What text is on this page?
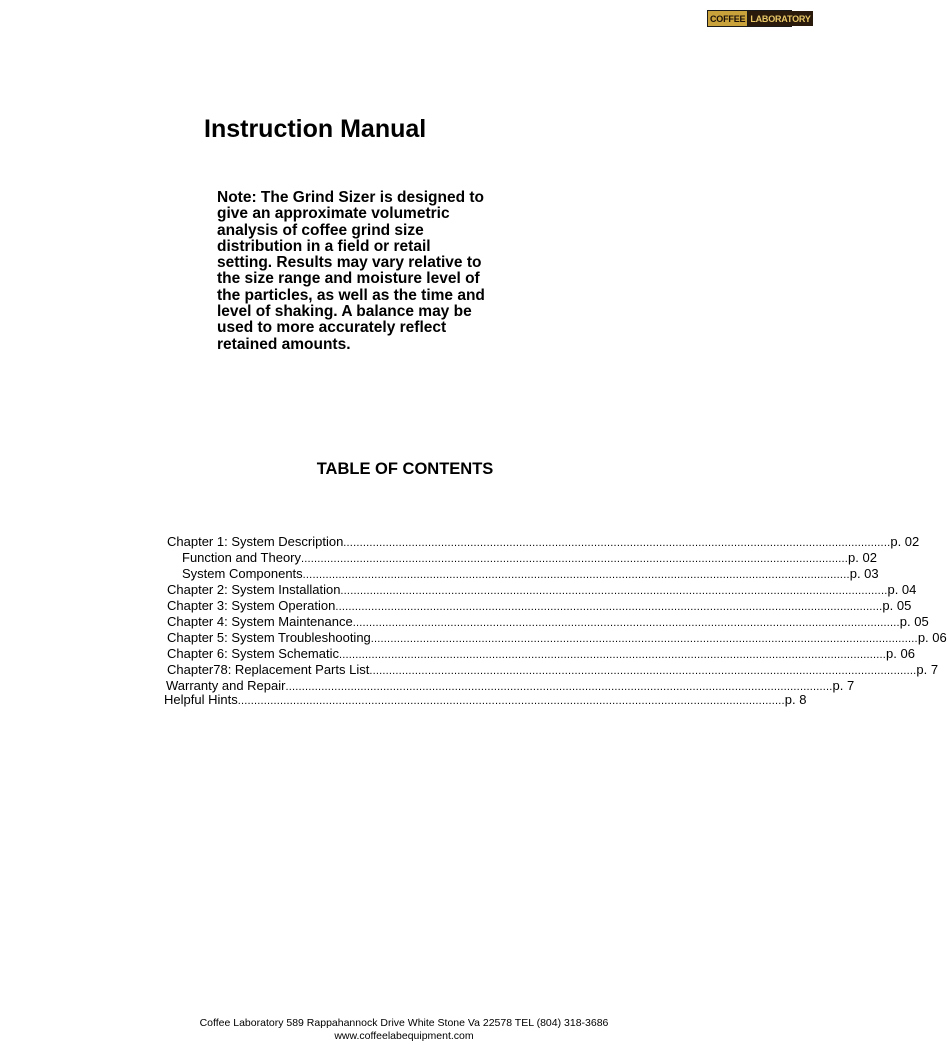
COFFEE LABORATORY
Instruction Manual

Note: The Grind Sizer is designed to give an approximate volumetric analysis of coffee grind size distribution in a field or retail setting. Results may vary relative to the size range and moisture level of the particles, as well as the time and level of shaking. A balance may be used to more accurately reflect retained amounts.

TABLE OF CONTENTS
Chapter 1: System Description .....	p. 02
Function and Theory .....	p. 02
System Components .....	p. 03
Chapter 2: System Installation .....	p. 04
Chapter 3: System Operation .....	p. 05
Chapter 4: System Maintenance .....	p. 05
Chapter 5: System Troubleshooting .....	p. 06
Chapter 6: System Schematic .....	p. 06
Chapter78: Replacement Parts List .....	p. 7
Warranty and Repair .....	p. 7
Helpful Hints .....	p. 8
Coffee Laboratory 589 Rappahannock Drive White Stone Va 22578 TEL (804) 318-3686
www.coffeelabequipment.com
